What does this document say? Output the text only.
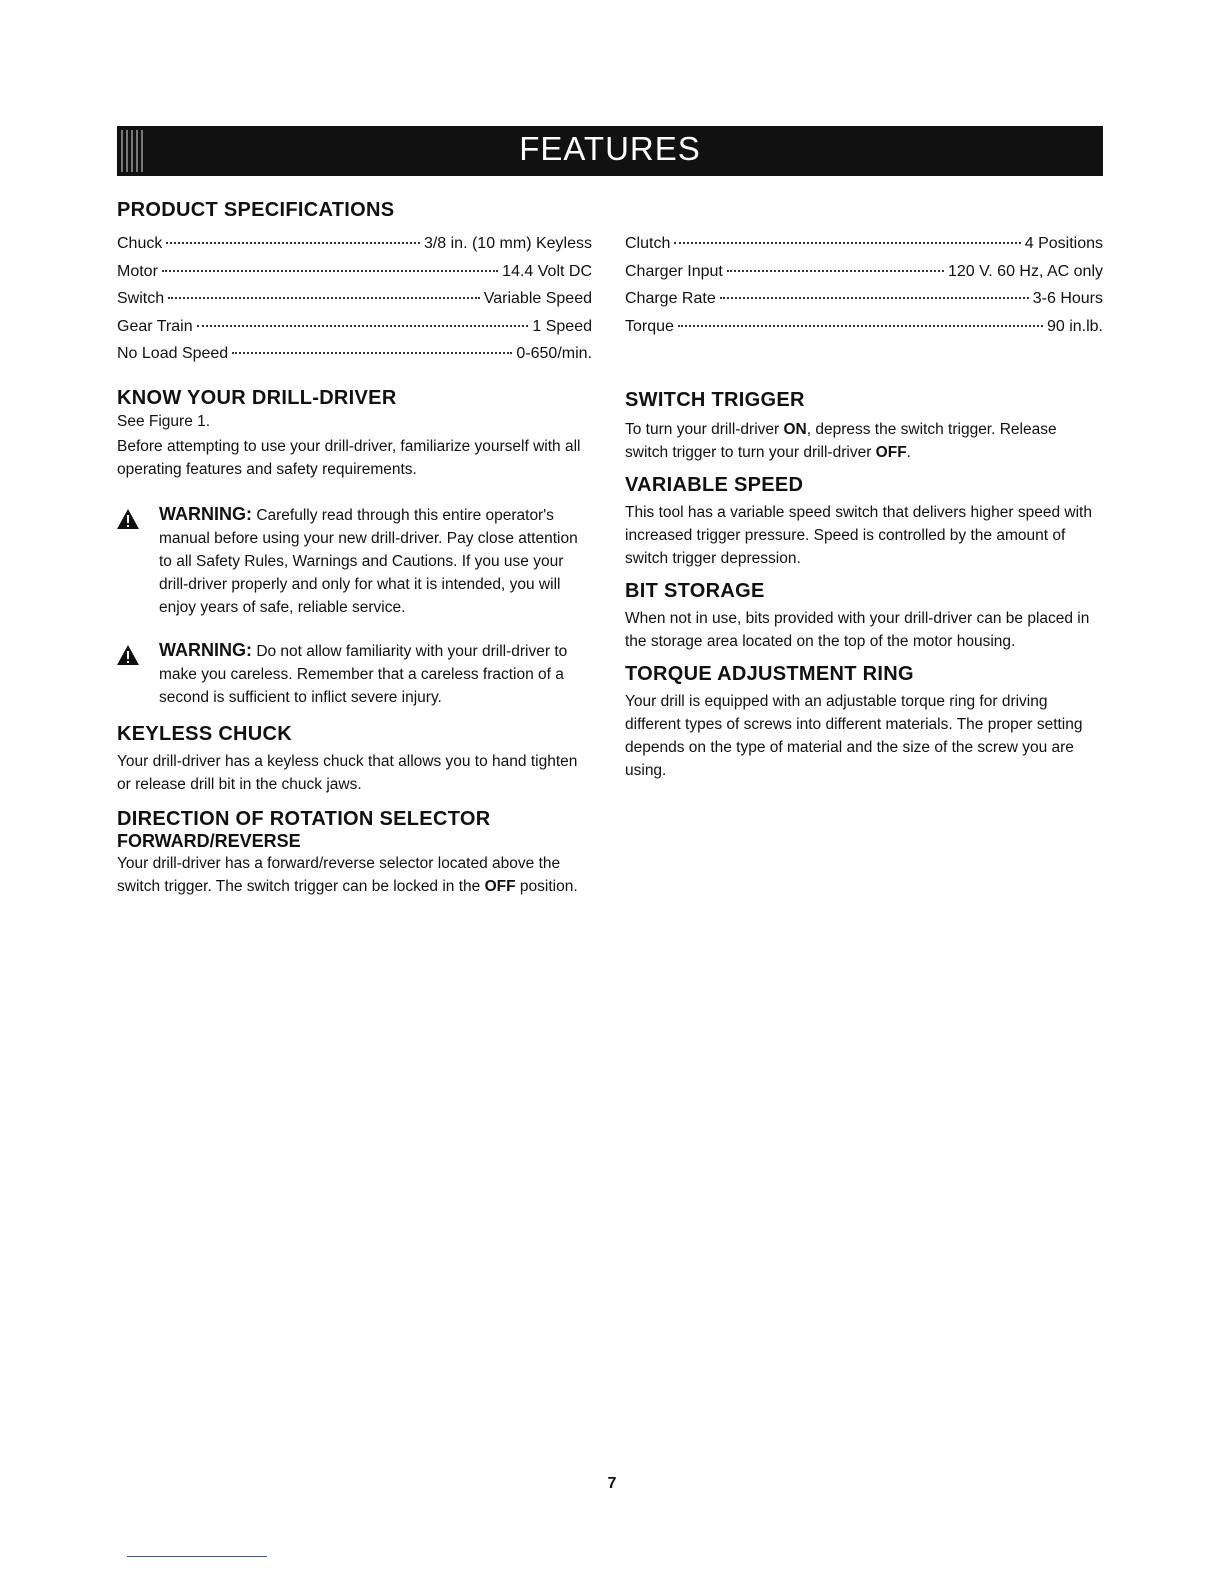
FEATURES
PRODUCT SPECIFICATIONS
Chuck	3/8 in. (10 mm) Keyless
Motor	14.4 Volt DC
Switch	Variable Speed
Gear Train	1 Speed
No Load Speed	0-650/min.
Clutch	4 Positions
Charger Input	120 V. 60 Hz, AC only
Charge Rate	3-6 Hours
Torque	90 in.lb.
KNOW YOUR DRILL-DRIVER

See Figure 1.

Before attempting to use your drill-driver, familiarize yourself with all operating features and safety requirements.

WARNING: Carefully read through this entire operator's manual before using your new drill-driver. Pay close attention to all Safety Rules, Warnings and Cautions. If you use your drill-driver properly and only for what it is intended, you will enjoy years of safe, reliable service.

WARNING: Do not allow familiarity with your drill-driver to make you careless. Remember that a careless fraction of a second is sufficient to inflict severe injury.

KEYLESS CHUCK

Your drill-driver has a keyless chuck that allows you to hand tighten or release drill bit in the chuck jaws.

DIRECTION OF ROTATION SELECTOR
FORWARD/REVERSE

Your drill-driver has a forward/reverse selector located above the switch trigger. The switch trigger can be locked in the OFF position.

SWITCH TRIGGER

To turn your drill-driver ON, depress the switch trigger. Release switch trigger to turn your drill-driver OFF.

VARIABLE SPEED

This tool has a variable speed switch that delivers higher speed with increased trigger pressure. Speed is controlled by the amount of switch trigger depression.

BIT STORAGE

When not in use, bits provided with your drill-driver can be placed in the storage area located on the top of the motor housing.

TORQUE ADJUSTMENT RING

Your drill is equipped with an adjustable torque ring for driving different types of screws into different materials. The proper setting depends on the type of material and the size of the screw you are using.

7
